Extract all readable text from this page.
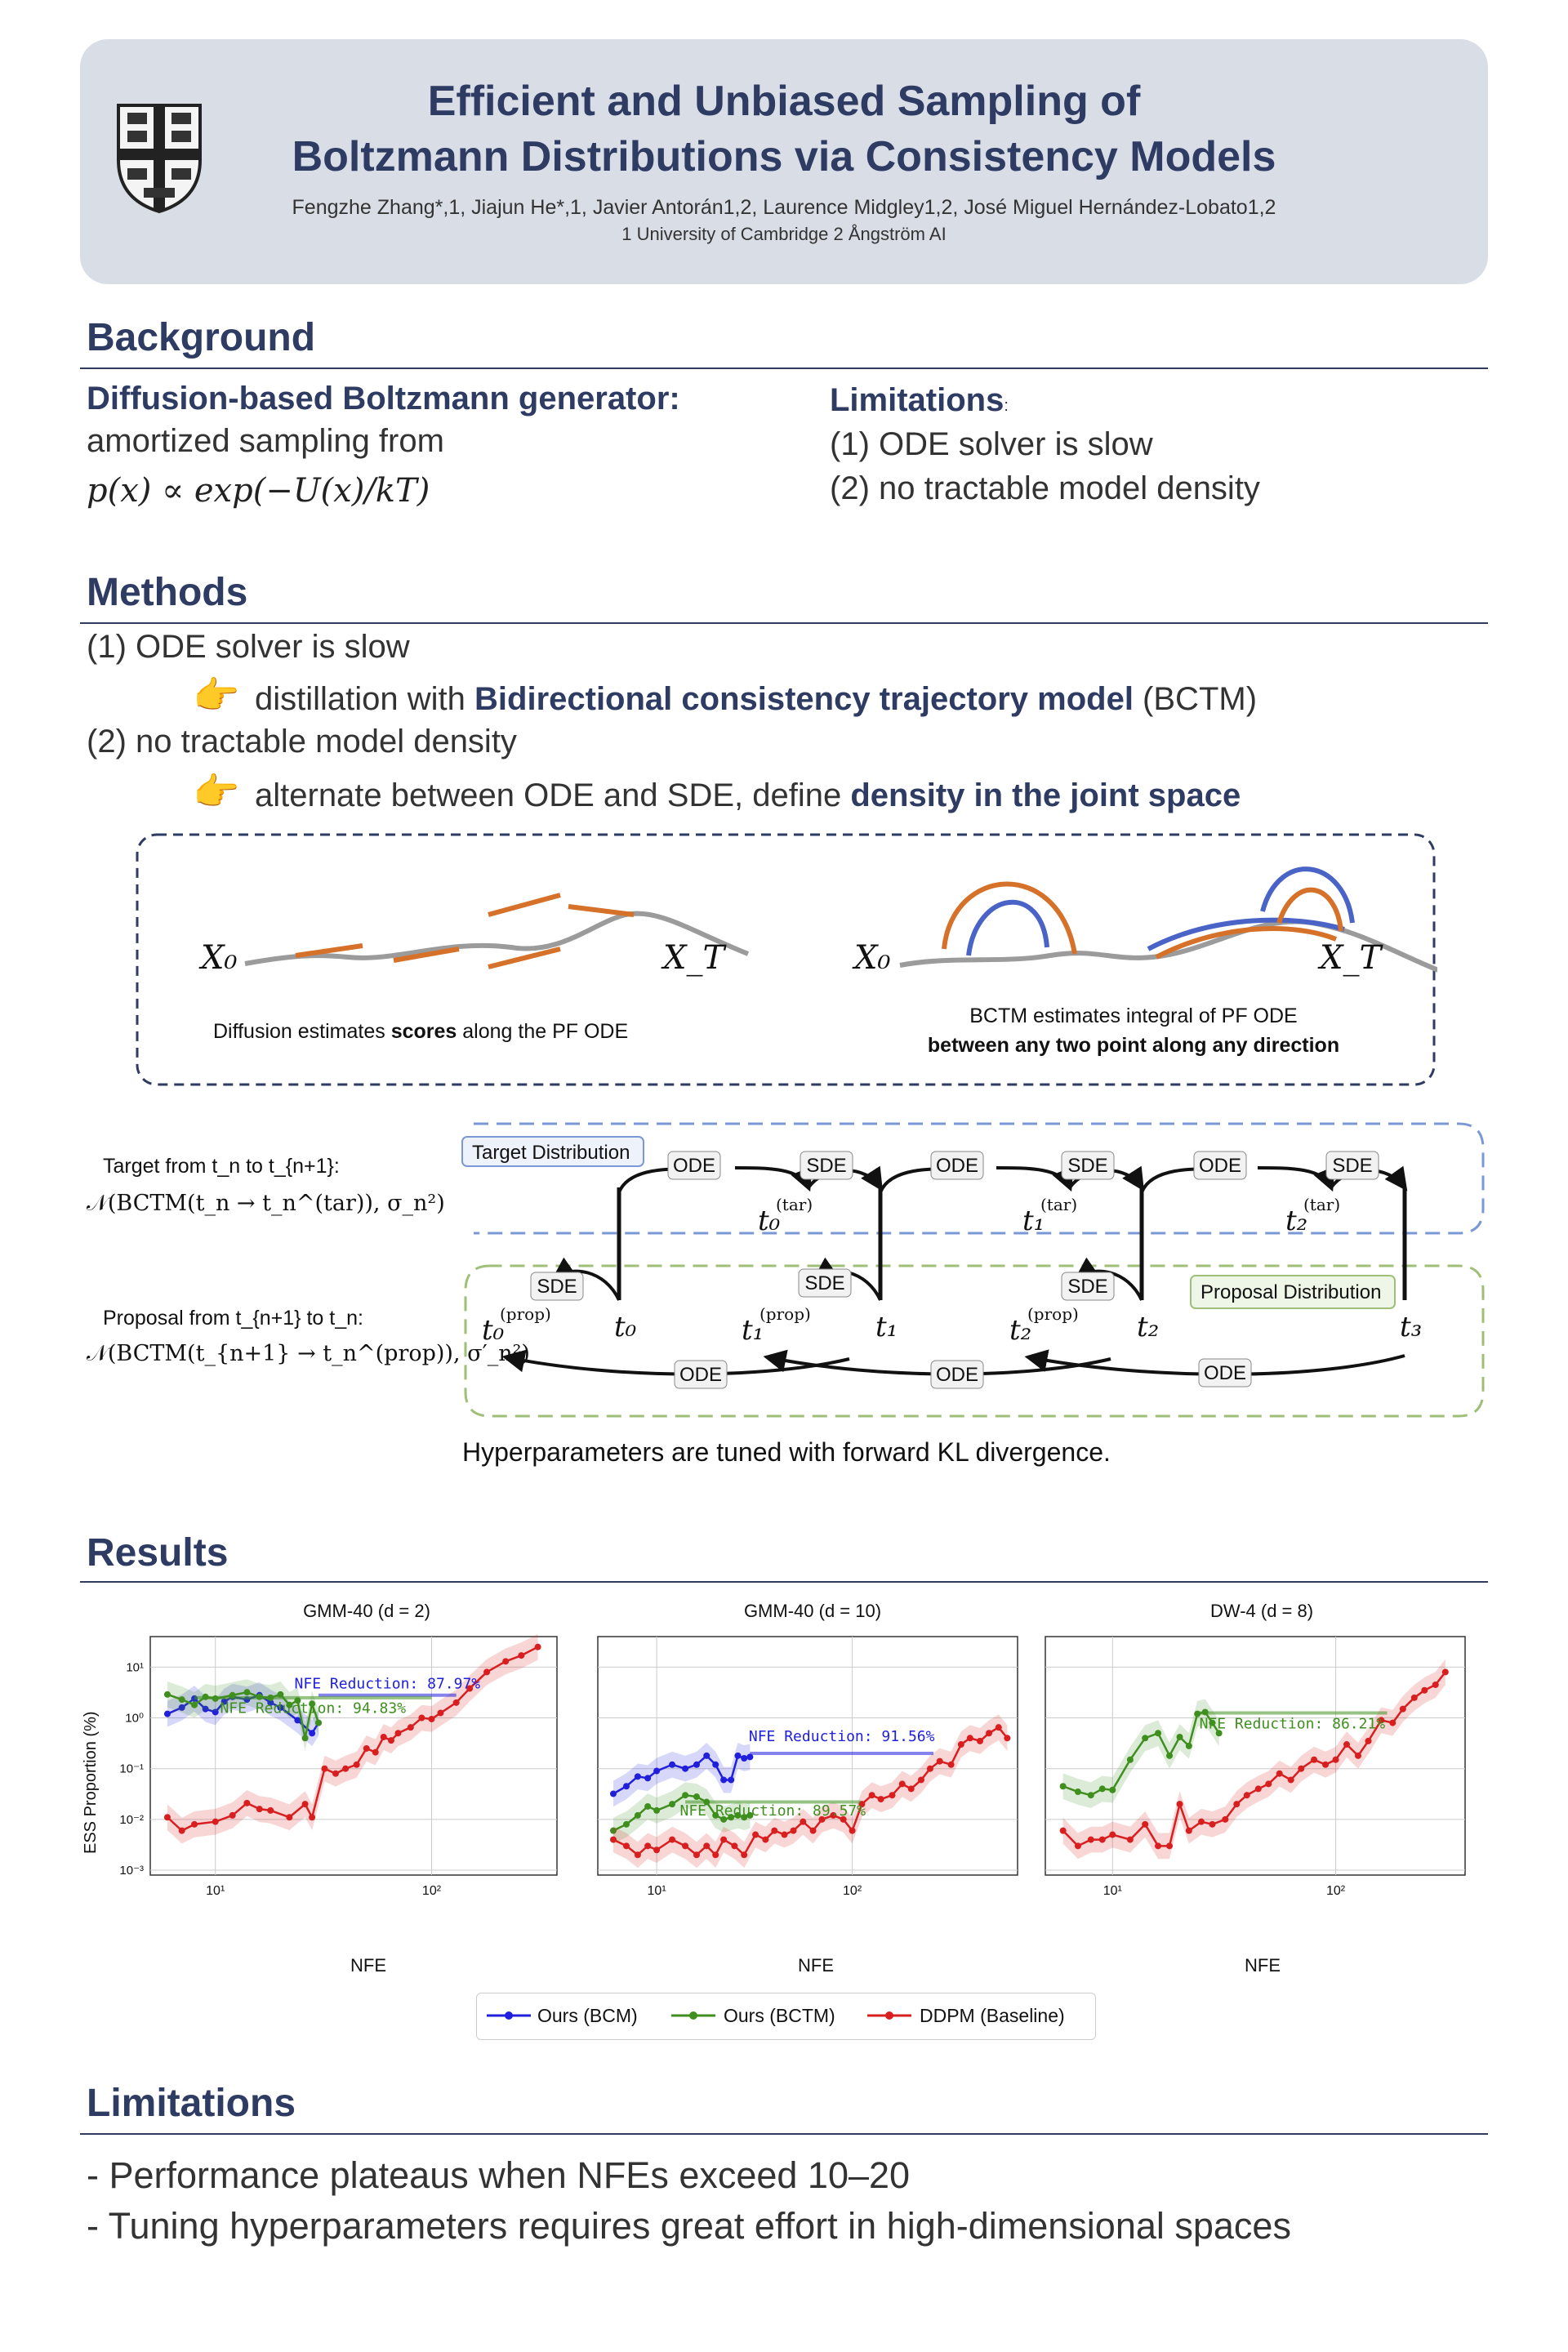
Efficient and Unbiased Sampling of
Boltzmann Distributions via Consistency Models
Fengzhe Zhang*,1, Jiajun He*,1, Javier Antorán1,2, Laurence Midgley1,2, José Miguel Hernández-Lobato1,2
1 University of Cambridge 2 Ångström AI
Background
Diffusion-based Boltzmann generator:
amortized sampling from
p(x) ∝ exp(−U(x)/kT)
Limitations:
(1) ODE solver is slow
(2) no tractable model density
Methods
(1) ODE solver is slow
👉 distillation with Bidirectional consistency trajectory model (BCTM)
(2) no tractable model density
👉 alternate between ODE and SDE, define density in the joint space
X₀	X_T
Diffusion estimates scores along the PF ODE
X₀	X_T
BCTM estimates integral of PF ODE
between any two point along any direction
Target from t_n to t_{n+1}:
𝒩(BCTM(t_n → t_n^(tar)), σ_n²)
Proposal from t_{n+1} to t_n:
𝒩(BCTM(t_{n+1} → t_n^(prop)), σ′_n²)
Target Distribution
Proposal Distribution
ODE	SDE	ODE	SDE	ODE	SDE
t₀
(tar)	t₁
(tar)	t₂
(tar)
SDE	SDE	SDE
t₀	t₁	t₂	t₃
t₀
(prop)	t₁
(prop)	t₂
(prop)
ODE	ODE	ODE
Hyperparameters are tuned with forward KL divergence.
Results
GMM-40 (d = 2)	GMM-40 (d = 10)	DW-4 (d = 8)
ESS Proportion (%)
10¹	10²
10¹
10⁰
10⁻¹
10⁻²
10⁻³
10¹	10²	10¹	10²
NFE Reduction: 87.97%
NFE Reduction: 94.83%
NFE Reduction: 91.56%
NFE Reduction: 89.57%
NFE Reduction: 86.21%
NFE	NFE	NFE
Ours (BCM)	Ours (BCTM)	DDPM (Baseline)
Limitations
- Performance plateaus when NFEs exceed 10–20
- Tuning hyperparameters requires great effort in high-dimensional spaces
